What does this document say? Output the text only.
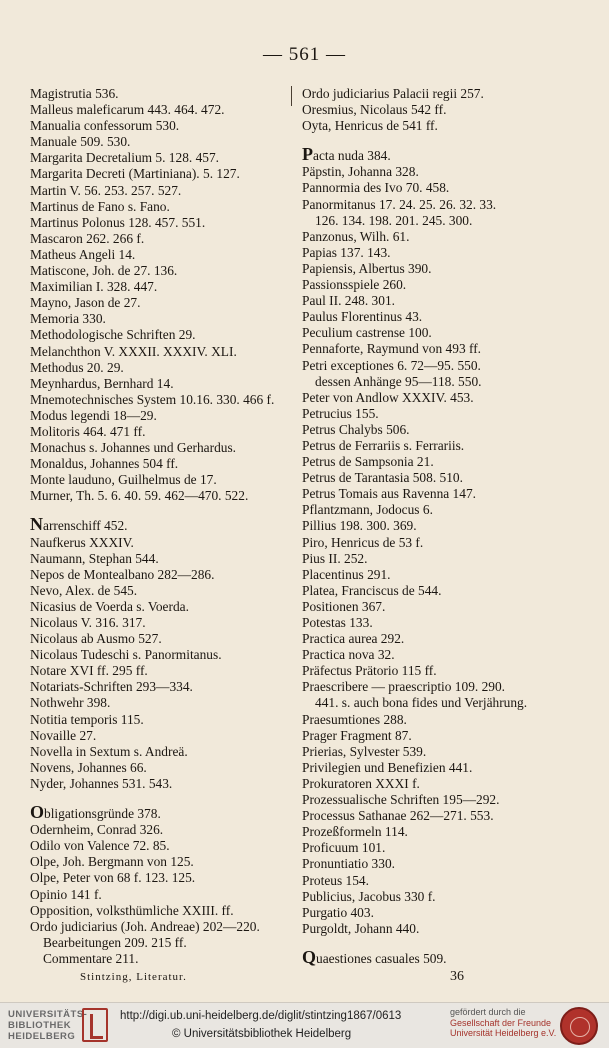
— 561 —
Magistrutia 536.
Malleus maleficarum 443. 464. 472.
Manualia confessorum 530.
Manuale 509. 530.
Margarita Decretalium 5. 128. 457.
Margarita Decreti (Martiniana). 5. 127.
Martin V. 56. 253. 257. 527.
Martinus de Fano s. Fano.
Martinus Polonus 128. 457. 551.
Mascaron 262. 266 f.
Matheus Angeli 14.
Matiscone, Joh. de 27. 136.
Maximilian I. 328. 447.
Mayno, Jason de 27.
Memoria 330.
Methodologische Schriften 29.
Melanchthon V. XXXII. XXXIV. XLI.
Methodus 20. 29.
Meynhardus, Bernhard 14.
Mnemotechnisches System 10.16. 330. 466 f.
Modus legendi 18—29.
Molitoris 464. 471 ff.
Monachus s. Johannes und Gerhardus.
Monaldus, Johannes 504 ff.
Monte lauduno, Guilhelmus de 17.
Murner, Th. 5. 6. 40. 59. 462—470. 522.
Narrenschiff 452.
Naufkerus XXXIV.
Naumann, Stephan 544.
Nepos de Montealbano 282—286.
Nevo, Alex. de 545.
Nicasius de Voerda s. Voerda.
Nicolaus V. 316. 317.
Nicolaus ab Ausmo 527.
Nicolaus Tudeschi s. Panormitanus.
Notare XVI ff. 295 ff.
Notariats-Schriften 293—334.
Nothwehr 398.
Notitia temporis 115.
Novaille 27.
Novella in Sextum s. Andreä.
Novens, Johannes 66.
Nyder, Johannes 531. 543.
Obligationsgründe 378.
Odernheim, Conrad 326.
Odilo von Valence 72. 85.
Olpe, Joh. Bergmann von 125.
Olpe, Peter von 68 f. 123. 125.
Opinio 141 f.
Opposition, volksthümliche XXIII. ff.
Ordo judiciarius (Joh. Andreae) 202—220.
Bearbeitungen 209. 215 ff.
Commentare 211.
Stintzing, Literatur.
Ordo judiciarius Palacii regii 257.
Oresmius, Nicolaus 542 ff.
Oyta, Henricus de 541 ff.
Pacta nuda 384.
Päpstin, Johanna 328.
Pannormia des Ivo 70. 458.
Panormitanus 17. 24. 25. 26. 32. 33.
126. 134. 198. 201. 245. 300.
Panzonus, Wilh. 61.
Papias 137. 143.
Papiensis, Albertus 390.
Passionsspiele 260.
Paul II. 248. 301.
Paulus Florentinus 43.
Peculium castrense 100.
Pennaforte, Raymund von 493 ff.
Petri exceptiones 6. 72—95. 550.
dessen Anhänge 95—118. 550.
Peter von Andlow XXXIV. 453.
Petrucius 155.
Petrus Chalybs 506.
Petrus de Ferrariis s. Ferrariis.
Petrus de Sampsonia 21.
Petrus de Tarantasia 508. 510.
Petrus Tomais aus Ravenna 147.
Pflantzmann, Jodocus 6.
Pillius 198. 300. 369.
Piro, Henricus de 53 f.
Pius II. 252.
Placentinus 291.
Platea, Franciscus de 544.
Positionen 367.
Potestas 133.
Practica aurea 292.
Practica nova 32.
Präfectus Prätorio 115 ff.
Praescribere — praescriptio 109. 290.
441. s. auch bona fides und Verjährung.
Praesumtiones 288.
Prager Fragment 87.
Prierias, Sylvester 539.
Privilegien und Benefizien 441.
Prokuratoren XXXI f.
Prozessualische Schriften 195—292.
Processus Sathanae 262—271. 553.
Prozeßformeln 114.
Proficuum 101.
Pronuntiatio 330.
Proteus 154.
Publicius, Jacobus 330 f.
Purgatio 403.
Purgoldt, Johann 440.
Quaestiones casuales 509.
36
UNIVERSITÄTS-
BIBLIOTHEK
HEIDELBERG
http://digi.ub.uni-heidelberg.de/diglit/stintzing1867/0613
© Universitätsbibliothek Heidelberg
gefördert durch die
Gesellschaft der Freunde
Universität Heidelberg e.V.
